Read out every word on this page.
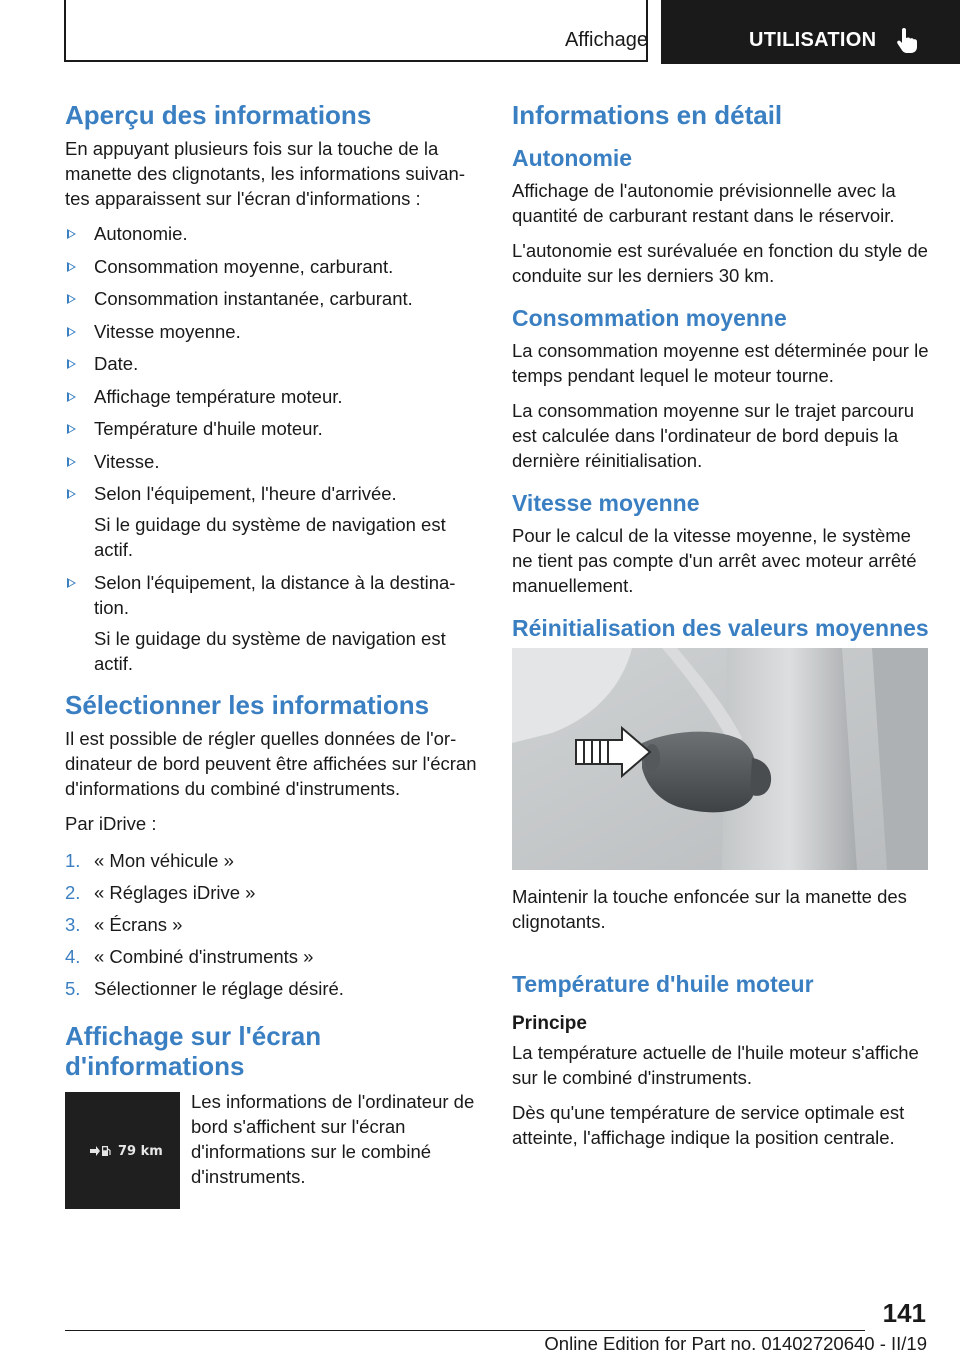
Affichage	UTILISATION
Aperçu des informations

En appuyant plusieurs fois sur la touche de la manette des clignotants, les informations suivantes apparaissent sur l'écran d'informations :

Autonomie.
Consommation moyenne, carburant.
Consommation instantanée, carburant.
Vitesse moyenne.
Date.
Affichage température moteur.
Température d'huile moteur.
Vitesse.
Selon l'équipement, l'heure d'arrivée.
Si le guidage du système de navigation est actif.
Selon l'équipement, la distance à la destination.
Si le guidage du système de navigation est actif.
Sélectionner les informations

Il est possible de régler quelles données de l'ordinateur de bord peuvent être affichées sur l'écran d'informations du combiné d'instruments.

Par iDrive :

1. « Mon véhicule »
2. « Réglages iDrive »
3. « Écrans »
4. « Combiné d'instruments »
5. Sélectionner le réglage désiré.
Affichage sur l'écran d'informations
79 km
Les informations de l'ordinateur de bord s'affichent sur l'écran d'informations sur le combiné d'instruments.
Informations en détail
Autonomie

Affichage de l'autonomie prévisionnelle avec la quantité de carburant restant dans le réservoir.

L'autonomie est surévaluée en fonction du style de conduite sur les derniers 30 km.

Consommation moyenne

La consommation moyenne est déterminée pour le temps pendant lequel le moteur tourne.

La consommation moyenne sur le trajet parcouru est calculée dans l'ordinateur de bord depuis la dernière réinitialisation.

Vitesse moyenne

Pour le calcul de la vitesse moyenne, le système ne tient pas compte d'un arrêt avec moteur arrêté manuellement.

Réinitialisation des valeurs moyennes

Maintenir la touche enfoncée sur la manette des clignotants.

Température d'huile moteur
Principe

La température actuelle de l'huile moteur s'affiche sur le combiné d'instruments.

Dès qu'une température de service optimale est atteinte, l'affichage indique la position centrale.

141
Online Edition for Part no. 01402720640 - II/19
